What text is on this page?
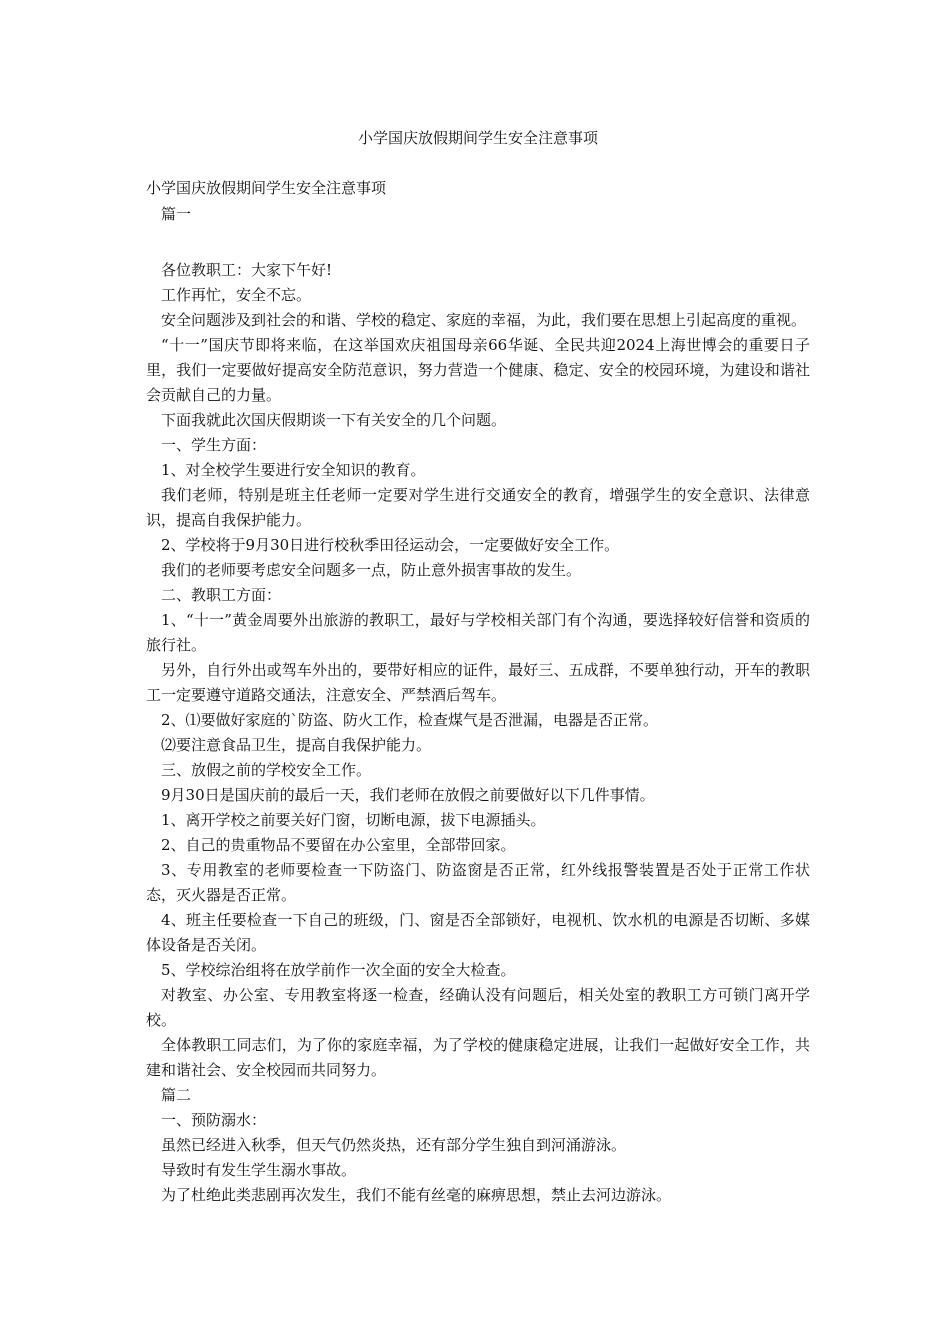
小学国庆放假期间学生安全注意事项
小学国庆放假期间学生安全注意事项

篇一

各位教职工：大家下午好!

工作再忙，安全不忘。

安全问题涉及到社会的和谐、学校的稳定、家庭的幸福，为此，我们要在思想上引起高度的重视。

“十一”国庆节即将来临，在这举国欢庆祖国母亲66华诞、全民共迎2024上海世博会的重要日子里，我们一定要做好提高安全防范意识，努力营造一个健康、稳定、安全的校园环境，为建设和谐社会贡献自己的力量。

下面我就此次国庆假期谈一下有关安全的几个问题。

一、学生方面：

1、对全校学生要进行安全知识的教育。

我们老师，特别是班主任老师一定要对学生进行交通安全的教育，增强学生的安全意识、法律意识，提高自我保护能力。

2、学校将于9月30日进行校秋季田径运动会，一定要做好安全工作。

我们的老师要考虑安全问题多一点，防止意外损害事故的发生。

二、教职工方面：

1、“十一”黄金周要外出旅游的教职工，最好与学校相关部门有个沟通，要选择较好信誉和资质的旅行社。

另外，自行外出或驾车外出的，要带好相应的证件，最好三、五成群，不要单独行动，开车的教职工一定要遵守道路交通法，注意安全、严禁酒后驾车。

2、⑴要做好家庭的`防盗、防火工作，检查煤气是否泄漏，电器是否正常。

⑵要注意食品卫生，提高自我保护能力。

三、放假之前的学校安全工作。

9月30日是国庆前的最后一天，我们老师在放假之前要做好以下几件事情。

1、离开学校之前要关好门窗，切断电源，拔下电源插头。

2、自己的贵重物品不要留在办公室里，全部带回家。

3、专用教室的老师要检查一下防盗门、防盗窗是否正常，红外线报警装置是否处于正常工作状态，灭火器是否正常。

4、班主任要检查一下自己的班级，门、窗是否全部锁好，电视机、饮水机的电源是否切断、多媒体设备是否关闭。

5、学校综治组将在放学前作一次全面的安全大检查。

对教室、办公室、专用教室将逐一检查，经确认没有问题后，相关处室的教职工方可锁门离开学校。

全体教职工同志们，为了你的家庭幸福，为了学校的健康稳定进展，让我们一起做好安全工作，共建和谐社会、安全校园而共同努力。

篇二

一、预防溺水：

虽然已经进入秋季，但天气仍然炎热，还有部分学生独自到河涌游泳。

导致时有发生学生溺水事故。

为了杜绝此类悲剧再次发生，我们不能有丝毫的麻痹思想，禁止去河边游泳。
